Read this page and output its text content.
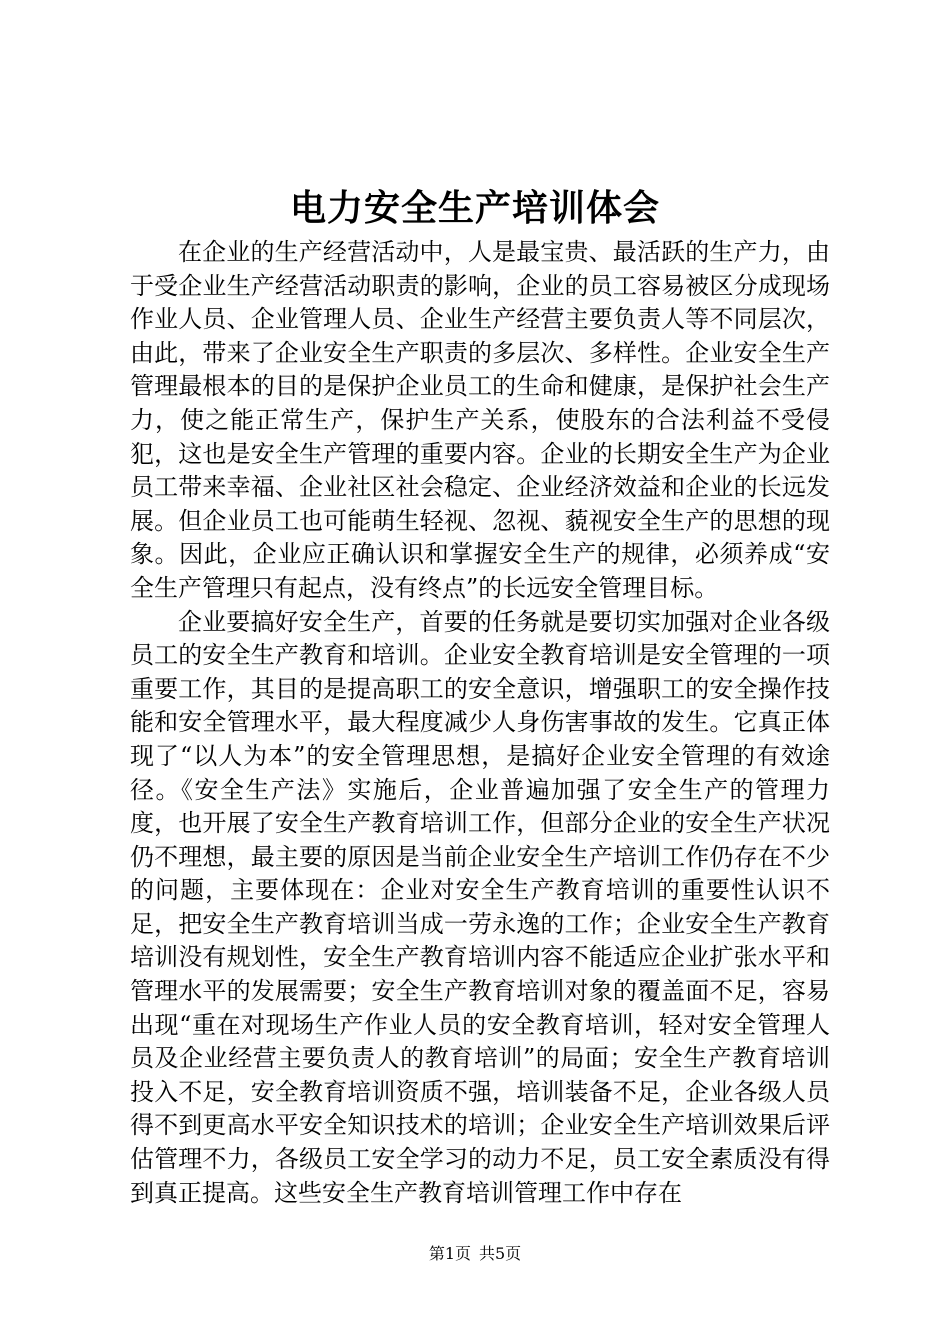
电力安全生产培训体会

在企业的生产经营活动中，人是最宝贵、最活跃的生产力，由于受企业生产经营活动职责的影响，企业的员工容易被区分成现场作业人员、企业管理人员、企业生产经营主要负责人等不同层次，由此，带来了企业安全生产职责的多层次、多样性。企业安全生产管理最根本的目的是保护企业员工的生命和健康，是保护社会生产力，使之能正常生产，保护生产关系，使股东的合法利益不受侵犯，这也是安全生产管理的重要内容。企业的长期安全生产为企业员工带来幸福、企业社区社会稳定、企业经济效益和企业的长远发展。但企业员工也可能萌生轻视、忽视、藐视安全生产的思想的现象。因此，企业应正确认识和掌握安全生产的规律，必须养成“安全生产管理只有起点，没有终点”的长远安全管理目标。

企业要搞好安全生产，首要的任务就是要切实加强对企业各级员工的安全生产教育和培训。企业安全教育培训是安全管理的一项重要工作，其目的是提高职工的安全意识，增强职工的安全操作技能和安全管理水平，最大程度减少人身伤害事故的发生。它真正体现了“以人为本”的安全管理思想，是搞好企业安全管理的有效途径。《安全生产法》实施后，企业普遍加强了安全生产的管理力度，也开展了安全生产教育培训工作，但部分企业的安全生产状况仍不理想，最主要的原因是当前企业安全生产培训工作仍存在不少的问题，主要体现在：企业对安全生产教育培训的重要性认识不足，把安全生产教育培训当成一劳永逸的工作；企业安全生产教育培训没有规划性，安全生产教育培训内容不能适应企业扩张水平和管理水平的发展需要；安全生产教育培训对象的覆盖面不足，容易出现“重在对现场生产作业人员的安全教育培训，轻对安全管理人员及企业经营主要负责人的教育培训”的局面；安全生产教育培训投入不足，安全教育培训资质不强，培训装备不足，企业各级人员得不到更高水平安全知识技术的培训；企业安全生产培训效果后评估管理不力，各级员工安全学习的动力不足，员工安全素质没有得到真正提高。这些安全生产教育培训管理工作中存在

第1页 共5页
